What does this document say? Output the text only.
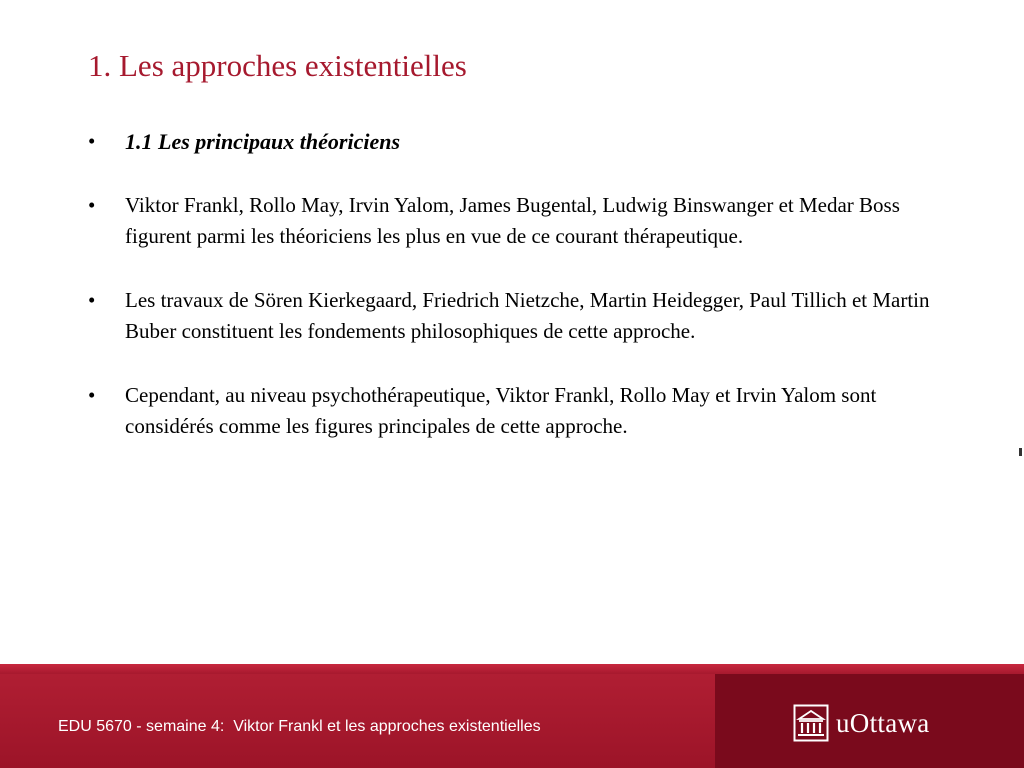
1. Les approches existentielles
•	1.1 Les principaux théoriciens
•	Viktor Frankl, Rollo May, Irvin Yalom, James Bugental, Ludwig Binswanger et Medar Boss figurent parmi les théoriciens les plus en vue de ce courant thérapeutique.
•	Les travaux de Sören Kierkegaard, Friedrich Nietzche, Martin Heidegger, Paul Tillich et Martin Buber constituent les fondements philosophiques de cette approche.
•	Cependant, au niveau psychothérapeutique, Viktor Frankl, Rollo May et Irvin Yalom sont considérés comme les figures principales de cette approche.
EDU 5670 - semaine 4:  Viktor Frankl et les approches existentielles	uOttawa
